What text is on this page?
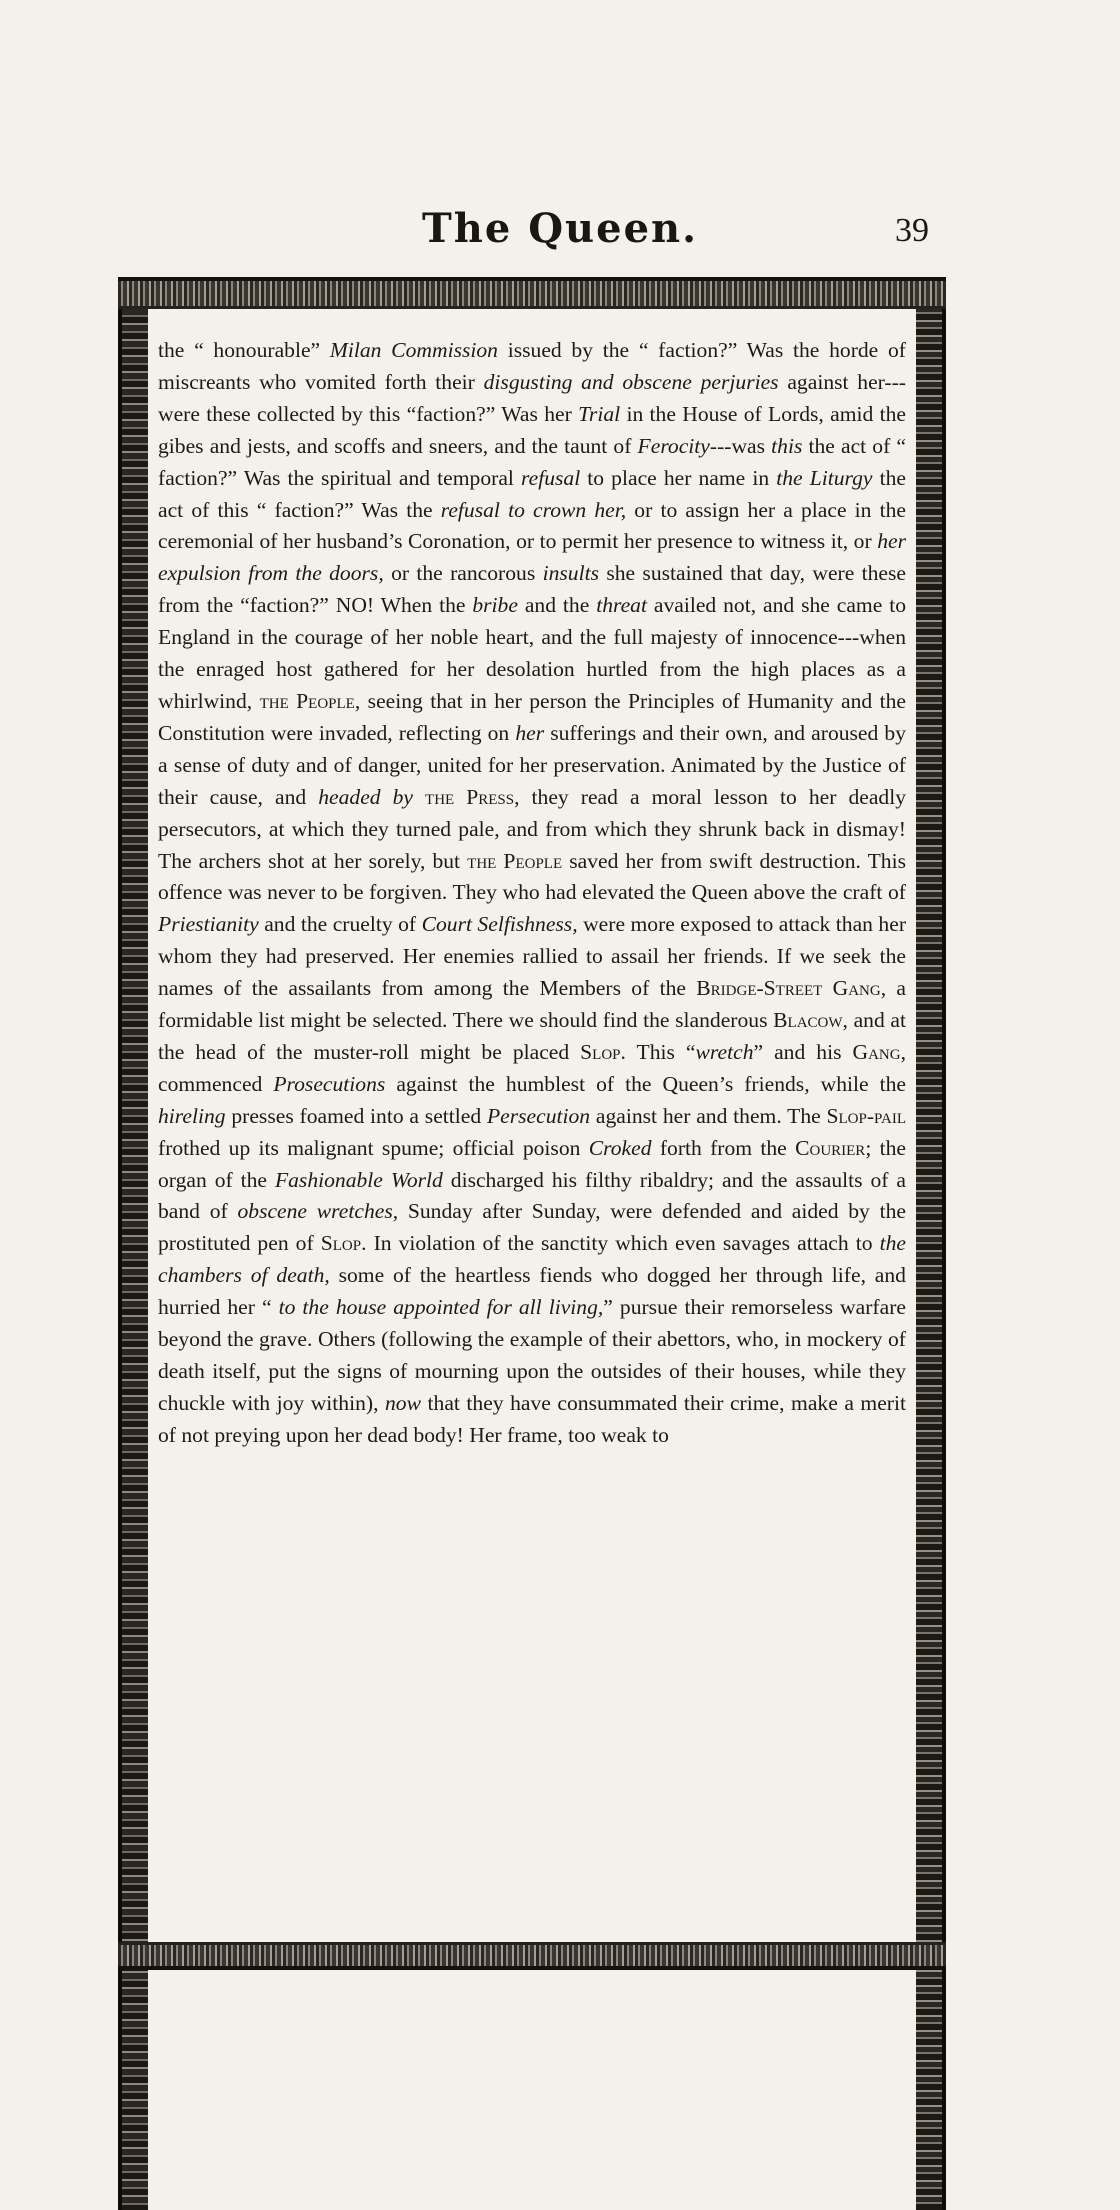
The Queen.	39
the “ honourable” Milan Commission issued by the “ faction?” Was the horde of miscreants who vomited forth their disgusting and obscene perjuries against her---were these collected by this “faction?” Was her Trial in the House of Lords, amid the gibes and jests, and scoffs and sneers, and the taunt of Ferocity---was this the act of “ faction?” Was the spiritual and temporal refusal to place her name in the Liturgy the act of this “ faction?” Was the refusal to crown her, or to assign her a place in the ceremonial of her husband’s Coronation, or to permit her presence to witness it, or her expulsion from the doors, or the rancorous insults she sustained that day, were these from the “faction?” NO! When the bribe and the threat availed not, and she came to England in the courage of her noble heart, and the full majesty of innocence---when the enraged host gathered for her desolation hurtled from the high places as a whirlwind, the People, seeing that in her person the Principles of Humanity and the Constitution were invaded, reflecting on her sufferings and their own, and aroused by a sense of duty and of danger, united for her preservation. Animated by the Justice of their cause, and headed by the Press, they read a moral lesson to her deadly persecutors, at which they turned pale, and from which they shrunk back in dismay! The archers shot at her sorely, but the People saved her from swift destruction. This offence was never to be forgiven. They who had elevated the Queen above the craft of Priestianity and the cruelty of Court Selfishness, were more exposed to attack than her whom they had preserved. Her enemies rallied to assail her friends. If we seek the names of the assailants from among the Members of the Bridge-Street Gang, a formidable list might be selected. There we should find the slanderous Blacow, and at the head of the muster-roll might be placed Slop. This “wretch” and his Gang, commenced Prosecutions against the humblest of the Queen’s friends, while the hireling presses foamed into a settled Persecution against her and them. The Slop-pail frothed up its malignant spume; official poison Croked forth from the Courier; the organ of the Fashionable World discharged his filthy ribaldry; and the assaults of a band of obscene wretches, Sunday after Sunday, were defended and aided by the prostituted pen of Slop. In violation of the sanctity which even savages attach to the chambers of death, some of the heartless fiends who dogged her through life, and hurried her “ to the house appointed for all living,” pursue their remorseless warfare beyond the grave. Others (following the example of their abettors, who, in mockery of death itself, put the signs of mourning upon the outsides of their houses, while they chuckle with joy within), now that they have consummated their crime, make a merit of not preying upon her dead body! Her frame, too weak to
